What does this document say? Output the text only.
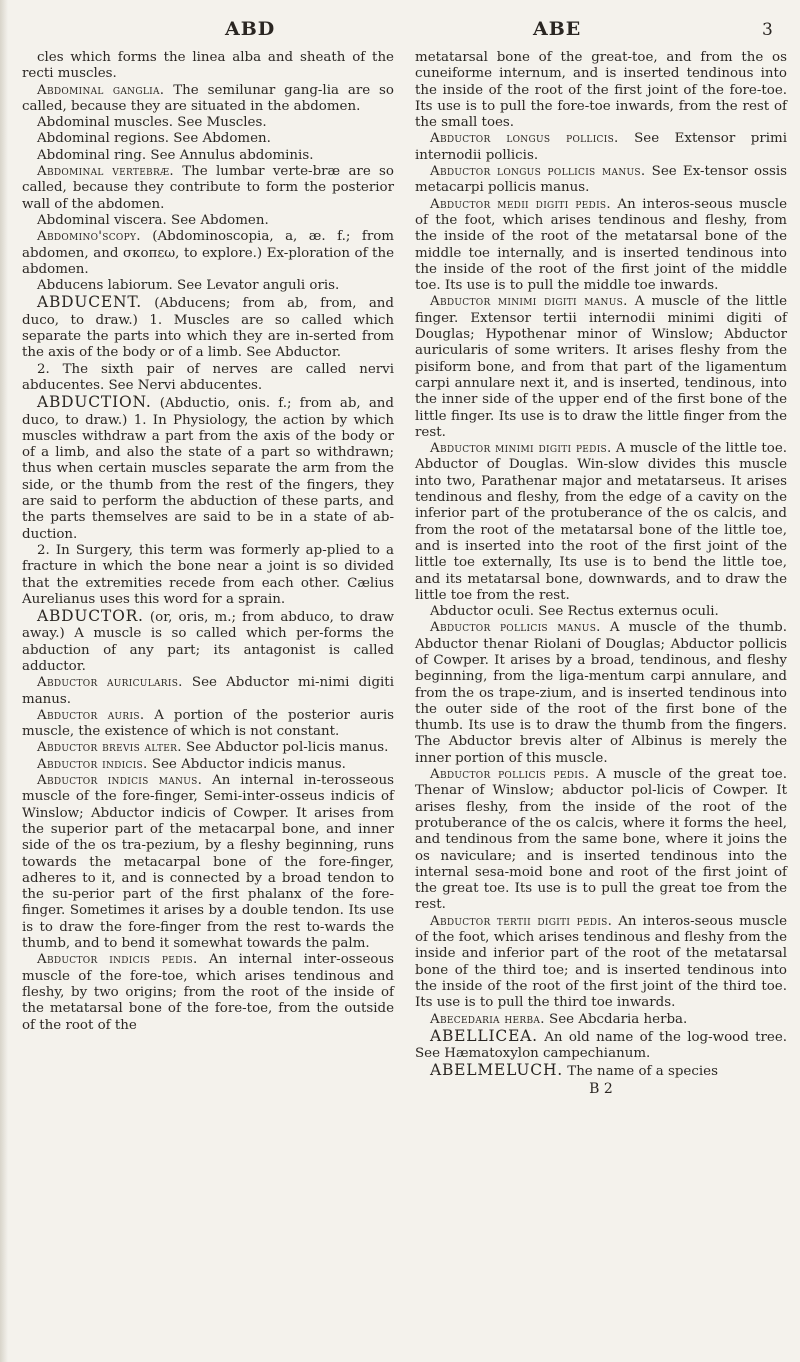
ABD	ABE	3

cles which forms the linea alba and sheath of the recti muscles.

Abdominal ganglia. The semilunar gang-lia are so called, because they are situated in the abdomen.

Abdominal muscles. See Muscles.

Abdominal regions. See Abdomen.

Abdominal ring. See Annulus abdominis.

Abdominal vertebræ. The lumbar verte-bræ are so called, because they contribute to form the posterior wall of the abdomen.

Abdominal viscera. See Abdomen.

Abdomino'scopy. (Abdominoscopia, a, æ. f.; from abdomen, and σκοπεω, to explore.) Ex-ploration of the abdomen.

Abducens labiorum. See Levator anguli oris.

ABDUCENT. (Abducens; from ab, from, and duco, to draw.) 1. Muscles are so called which separate the parts into which they are in-serted from the axis of the body or of a limb. See Abductor.

2. The sixth pair of nerves are called nervi abducentes. See Nervi abducentes.

ABDUCTION. (Abductio, onis. f.; from ab, and duco, to draw.) 1. In Physiology, the action by which muscles withdraw a part from the axis of the body or of a limb, and also the state of a part so withdrawn; thus when certain muscles separate the arm from the side, or the thumb from the rest of the fingers, they are said to perform the abduction of these parts, and the parts themselves are said to be in a state of ab-duction.

2. In Surgery, this term was formerly ap-plied to a fracture in which the bone near a joint is so divided that the extremities recede from each other. Cælius Aurelianus uses this word for a sprain.

ABDUCTOR. (or, oris, m.; from abduco, to draw away.) A muscle is so called which per-forms the abduction of any part; its antagonist is called adductor.

Abductor auricularis. See Abductor mi-nimi digiti manus.

Abductor auris. A portion of the posterior auris muscle, the existence of which is not constant.

Abductor brevis alter. See Abductor pol-licis manus.

Abductor indicis. See Abductor indicis manus.

Abductor indicis manus. An internal in-terosseous muscle of the fore-finger, Semi-inter-osseus indicis of Winslow; Abductor indicis of Cowper. It arises from the superior part of the metacarpal bone, and inner side of the os tra-pezium, by a fleshy beginning, runs towards the metacarpal bone of the fore-finger, adheres to it, and is connected by a broad tendon to the su-perior part of the first phalanx of the fore-finger. Sometimes it arises by a double tendon. Its use is to draw the fore-finger from the rest to-wards the thumb, and to bend it somewhat towards the palm.

Abductor indicis pedis. An internal inter-osseous muscle of the fore-toe, which arises tendinous and fleshy, by two origins; from the root of the inside of the metatarsal bone of the fore-toe, from the outside of the root of the

metatarsal bone of the great-toe, and from the os cuneiforme internum, and is inserted tendinous into the inside of the root of the first joint of the fore-toe. Its use is to pull the fore-toe inwards, from the rest of the small toes.

Abductor longus pollicis. See Extensor primi internodii pollicis.

Abductor longus pollicis manus. See Ex-tensor ossis metacarpi pollicis manus.

Abductor medii digiti pedis. An interos-seous muscle of the foot, which arises tendinous and fleshy, from the inside of the root of the metatarsal bone of the middle toe internally, and is inserted tendinous into the inside of the root of the first joint of the middle toe. Its use is to pull the middle toe inwards.

Abductor minimi digiti manus. A muscle of the little finger. Extensor tertii internodii minimi digiti of Douglas; Hypothenar minor of Winslow; Abductor auricularis of some writers. It arises fleshy from the pisiform bone, and from that part of the ligamentum carpi annulare next it, and is inserted, tendinous, into the inner side of the upper end of the first bone of the little finger. Its use is to draw the little finger from the rest.

Abductor minimi digiti pedis. A muscle of the little toe. Abductor of Douglas. Win-slow divides this muscle into two, Parathenar major and metatarseus. It arises tendinous and fleshy, from the edge of a cavity on the inferior part of the protuberance of the os calcis, and from the root of the metatarsal bone of the little toe, and is inserted into the root of the first joint of the little toe externally, Its use is to bend the little toe, and its metatarsal bone, downwards, and to draw the little toe from the rest.

Abductor oculi. See Rectus externus oculi.

Abductor pollicis manus. A muscle of the thumb. Abductor thenar Riolani of Douglas; Abductor pollicis of Cowper. It arises by a broad, tendinous, and fleshy beginning, from the liga-mentum carpi annulare, and from the os trape-zium, and is inserted tendinous into the outer side of the root of the first bone of the thumb. Its use is to draw the thumb from the fingers. The Abductor brevis alter of Albinus is merely the inner portion of this muscle.

Abductor pollicis pedis. A muscle of the great toe. Thenar of Winslow; abductor pol-licis of Cowper. It arises fleshy, from the inside of the root of the protuberance of the os calcis, where it forms the heel, and tendinous from the same bone, where it joins the os naviculare; and is inserted tendinous into the internal sesa-moid bone and root of the first joint of the great toe. Its use is to pull the great toe from the rest.

Abductor tertii digiti pedis. An interos-seous muscle of the foot, which arises tendinous and fleshy from the inside and inferior part of the root of the metatarsal bone of the third toe; and is inserted tendinous into the inside of the root of the first joint of the third toe. Its use is to pull the third toe inwards.

Abecedaria herba. See Abcdaria herba.

ABELLICEA. An old name of the log-wood tree. See Hæmatoxylon campechianum.

ABELMELUCH. The name of a species

B 2
